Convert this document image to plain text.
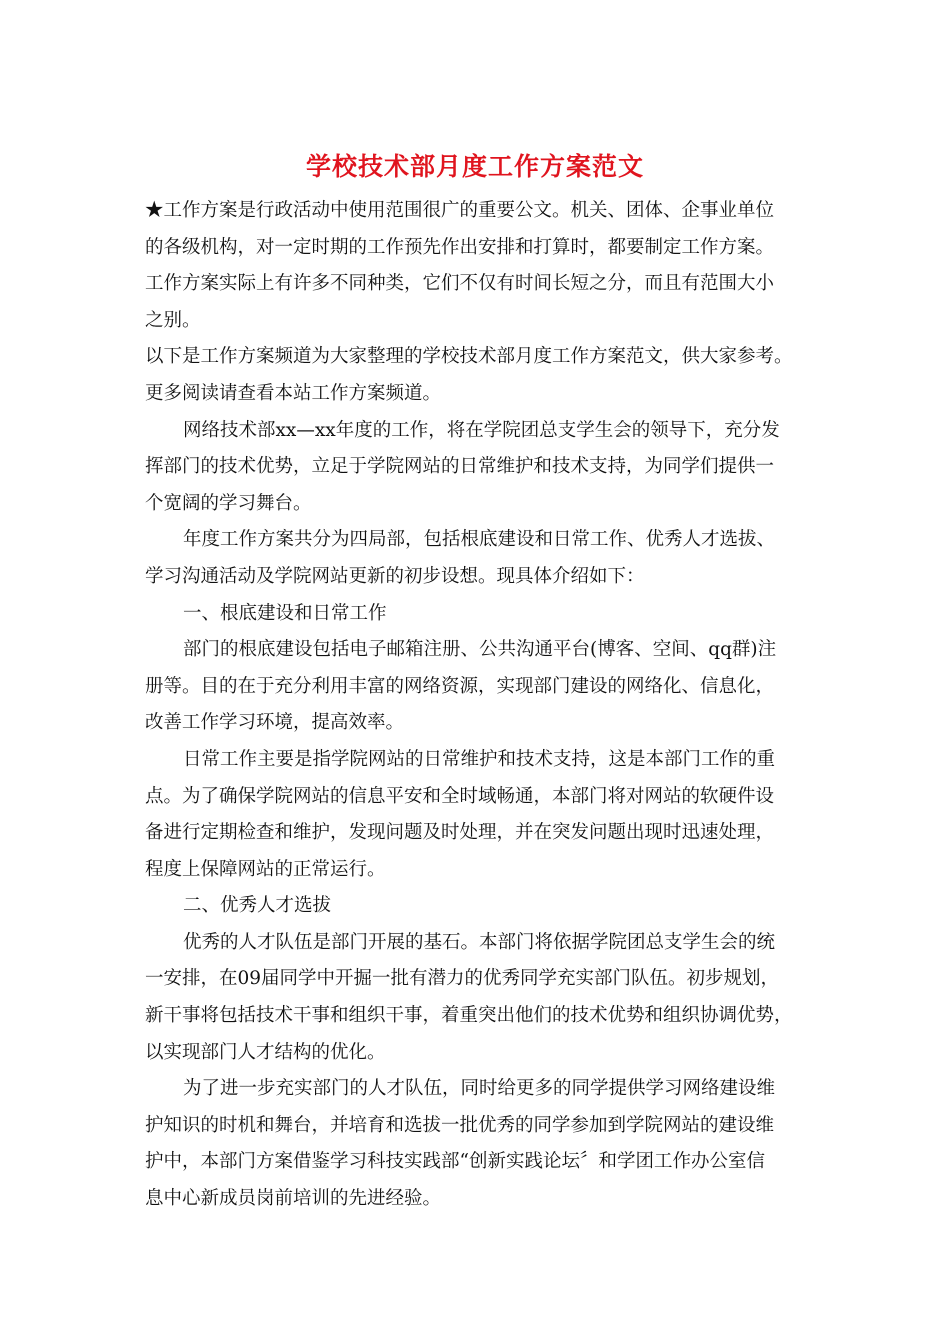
学校技术部月度工作方案范文
★工作方案是行政活动中使用范围很广的重要公文。机关、团体、企事业单位
的各级机构，对一定时期的工作预先作出安排和打算时，都要制定工作方案。
工作方案实际上有许多不同种类，它们不仅有时间长短之分，而且有范围大小
之别。
以下是工作方案频道为大家整理的学校技术部月度工作方案范文，供大家参考。
更多阅读请查看本站工作方案频道。
网络技术部xx—xx年度的工作，将在学院团总支学生会的领导下，充分发
挥部门的技术优势，立足于学院网站的日常维护和技术支持，为同学们提供一
个宽阔的学习舞台。
年度工作方案共分为四局部，包括根底建设和日常工作、优秀人才选拔、
学习沟通活动及学院网站更新的初步设想。现具体介绍如下：
一、根底建设和日常工作
部门的根底建设包括电子邮箱注册、公共沟通平台(博客、空间、qq群)注
册等。目的在于充分利用丰富的网络资源，实现部门建设的网络化、信息化，
改善工作学习环境，提高效率。
日常工作主要是指学院网站的日常维护和技术支持，这是本部门工作的重
点。为了确保学院网站的信息平安和全时域畅通，本部门将对网站的软硬件设
备进行定期检查和维护，发现问题及时处理，并在突发问题出现时迅速处理，
程度上保障网站的正常运行。
二、优秀人才选拔
优秀的人才队伍是部门开展的基石。本部门将依据学院团总支学生会的统
一安排，在09届同学中开掘一批有潜力的优秀同学充实部门队伍。初步规划，
新干事将包括技术干事和组织干事，着重突出他们的技术优势和组织协调优势，
以实现部门人才结构的优化。
为了进一步充实部门的人才队伍，同时给更多的同学提供学习网络建设维
护知识的时机和舞台，并培育和选拔一批优秀的同学参加到学院网站的建设维
护中，本部门方案借鉴学习科技实践部“创新实践论坛〞和学团工作办公室信
息中心新成员岗前培训的先进经验。
